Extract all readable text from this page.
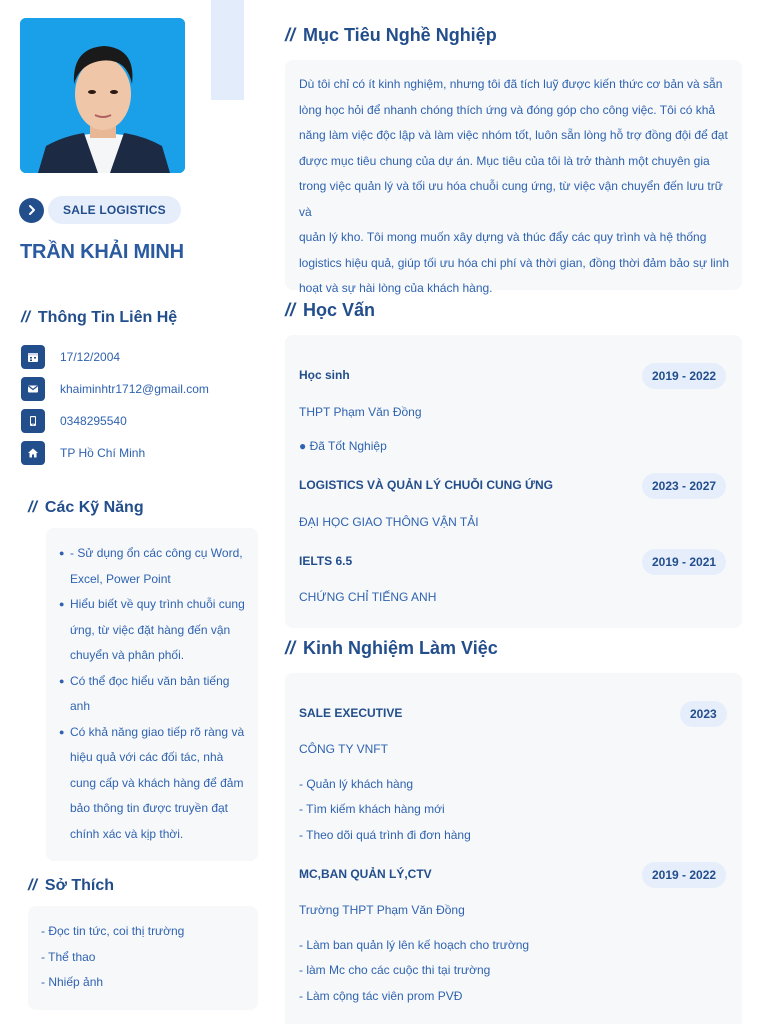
SALE LOGISTICS
TRẦN KHẢI MINH
// Thông Tin Liên Hệ
17/12/2004
khaiminhtr1712@gmail.com
0348295540
TP Hồ Chí Minh
// Các Kỹ Năng
● - Sử dụng ổn các công cụ Word,
Excel, Power Point
● Hiểu biết về quy trình chuỗi cung
ứng, từ việc đặt hàng đến vận
chuyển và phân phối.
● Có thể đọc hiểu văn bản tiếng
anh
● Có khả năng giao tiếp rõ ràng và
hiệu quả với các đối tác, nhà
cung cấp và khách hàng để đảm
bảo thông tin được truyền đạt
chính xác và kịp thời.
// Sở Thích
- Đọc tin tức, coi thị trường
- Thể thao
- Nhiếp ảnh
// Mục Tiêu Nghề Nghiệp
Dù tôi chỉ có ít kinh nghiệm, nhưng tôi đã tích luỹ được kiến thức cơ bản và sẵn
lòng học hỏi để nhanh chóng thích ứng và đóng góp cho công việc. Tôi có khả
năng làm việc độc lập và làm việc nhóm tốt, luôn sẵn lòng hỗ trợ đồng đội để đạt
được mục tiêu chung của dự án. Mục tiêu của tôi là trở thành một chuyên gia
trong việc quản lý và tối ưu hóa chuỗi cung ứng, từ việc vận chuyển đến lưu trữ và
quản lý kho. Tôi mong muốn xây dựng và thúc đẩy các quy trình và hệ thống
logistics hiệu quả, giúp tối ưu hóa chi phí và thời gian, đồng thời đảm bảo sự linh
hoạt và sự hài lòng của khách hàng.
// Học Vấn
Học sinh	2019 - 2022
THPT Phạm Văn Đồng
● Đã Tốt Nghiệp
LOGISTICS VÀ QUẢN LÝ CHUỖI CUNG ỨNG	2023 - 2027
ĐẠI HỌC GIAO THÔNG VẬN TẢI
IELTS 6.5	2019 - 2021
CHỨNG CHỈ TIẾNG ANH
// Kinh Nghiệm Làm Việc
SALE EXECUTIVE	2023
CÔNG TY VNFT
- Quản lý khách hàng
- Tìm kiếm khách hàng mới
- Theo dõi quá trình đi đơn hàng
MC,BAN QUẢN LÝ,CTV	2019 - 2022
Trường THPT Phạm Văn Đồng
- Làm ban quản lý lên kế hoạch cho trường
- làm Mc cho các cuộc thi tại trường
- Làm cộng tác viên prom PVĐ
